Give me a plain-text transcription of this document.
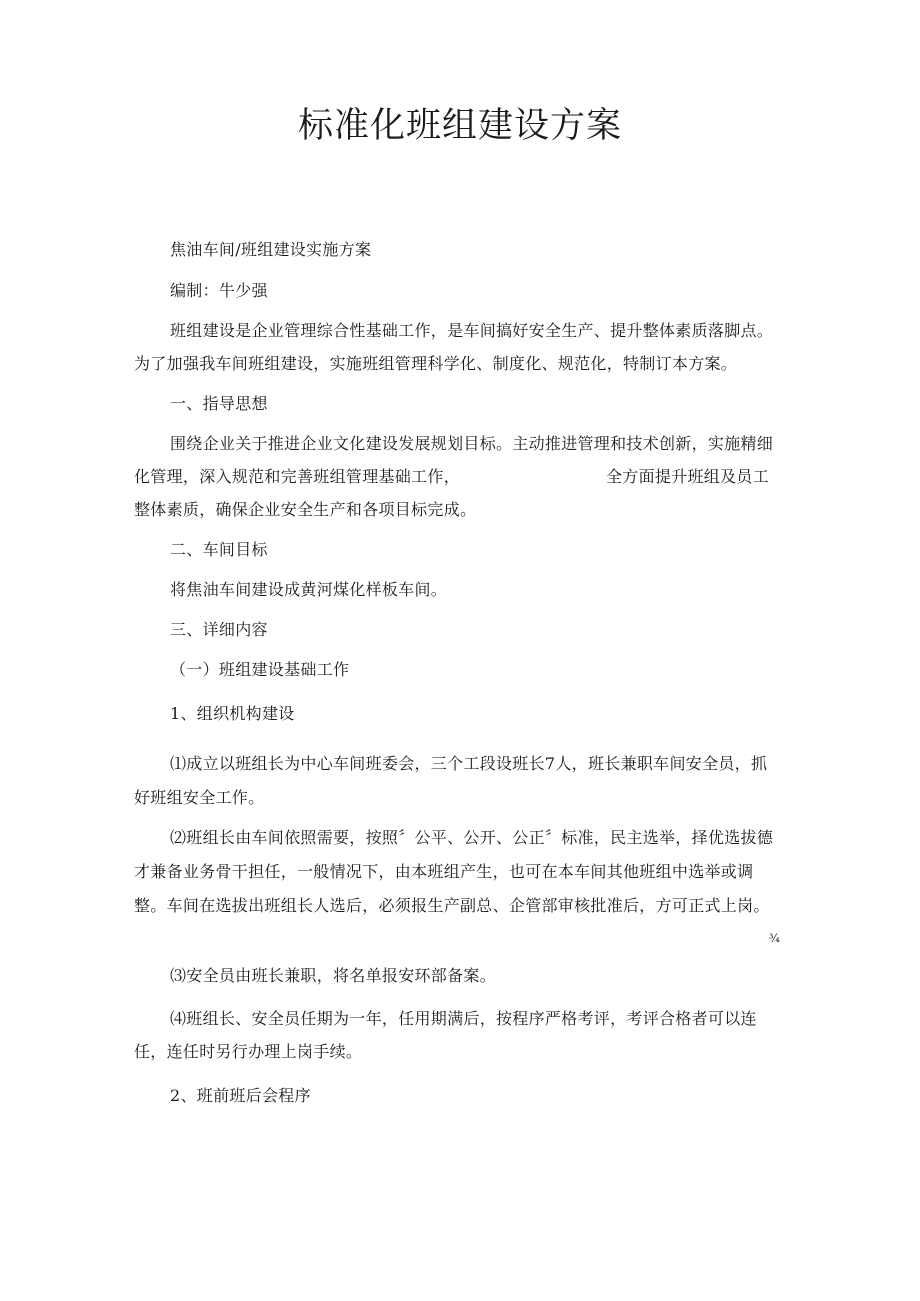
标准化班组建设方案
焦油车间/班组建设实施方案
编制：牛少强
班组建设是企业管理综合性基础工作，是车间搞好安全生产、提升整体素质落脚点。
为了加强我车间班组建设，实施班组管理科学化、制度化、规范化，特制订本方案。
一、指导思想
围绕企业关于推进企业文化建设发展规划目标。主动推进管理和技术创新，实施精细
化管理，深入规范和完善班组管理基础工作，	全方面提升班组及员工
整体素质，确保企业安全生产和各项目标完成。
二、车间目标
将焦油车间建设成黄河煤化样板车间。
三、详细内容
（一）班组建设基础工作
1、组织机构建设
⑴成立以班组长为中心车间班委会，三个工段设班长7人，班长兼职车间安全员，抓
好班组安全工作。
⑵班组长由车间依照需要，按照〞公平、公开、公正〞标准，民主选举，择优选拔德
才兼备业务骨干担任，一般情况下，由本班组产生，也可在本车间其他班组中选举或调
整。车间在选拔出班组长人选后，必须报生产副总、企管部审核批准后，方可正式上岗。
¾
⑶安全员由班长兼职，将名单报安环部备案。
⑷班组长、安全员任期为一年，任用期满后，按程序严格考评，考评合格者可以连
任，连任时另行办理上岗手续。
2、班前班后会程序
